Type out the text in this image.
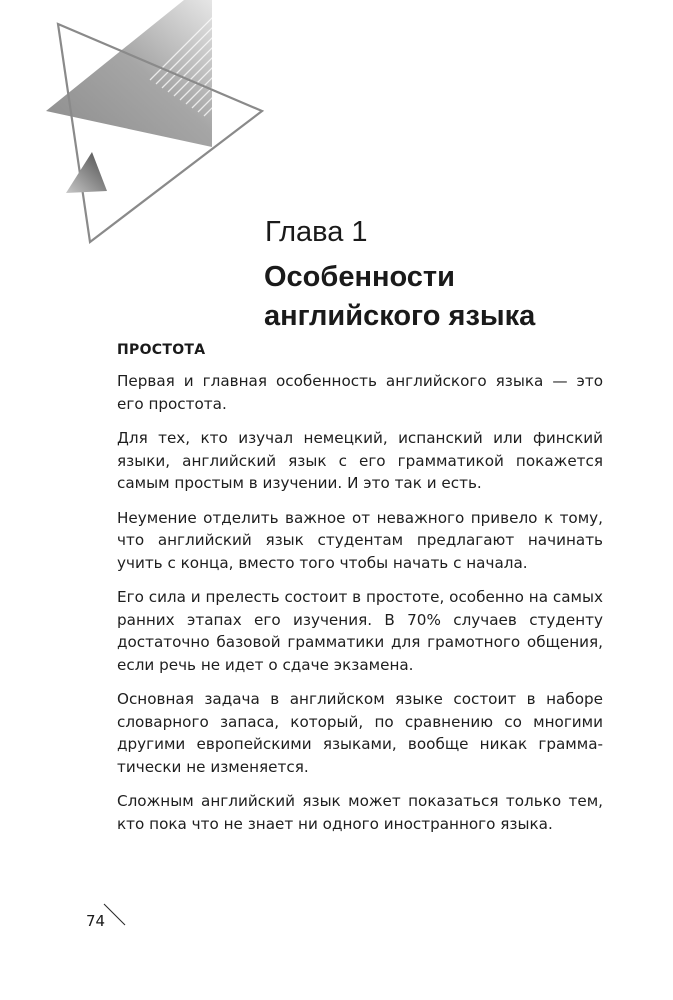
Глава 1
Особенности
английского языка
ПРОСТОТА

Первая и главная особенность английского языка — это его простота.

Для тех, кто изучал немецкий, испанский или финский языки, английский язык с его грамматикой покажется самым простым в изучении. И это так и есть.

Неумение отделить важное от неважного привело к тому, что английский язык студентам предлагают начинать учить с конца, вместо того чтобы начать с начала.

Его сила и прелесть состоит в простоте, особенно на самых ранних этапах его изучения. В 70% случаев студенту достаточно базовой грамматики для грамотного общения, если речь не идет о сдаче экзамена.

Основная задача в английском языке состоит в наборе словарного запаса, который, по сравнению со многими другими европейскими языками, вообще никак грамматически не изменяется.

Сложным английский язык может показаться только тем, кто пока что не знает ни одного иностранного языка.

74
